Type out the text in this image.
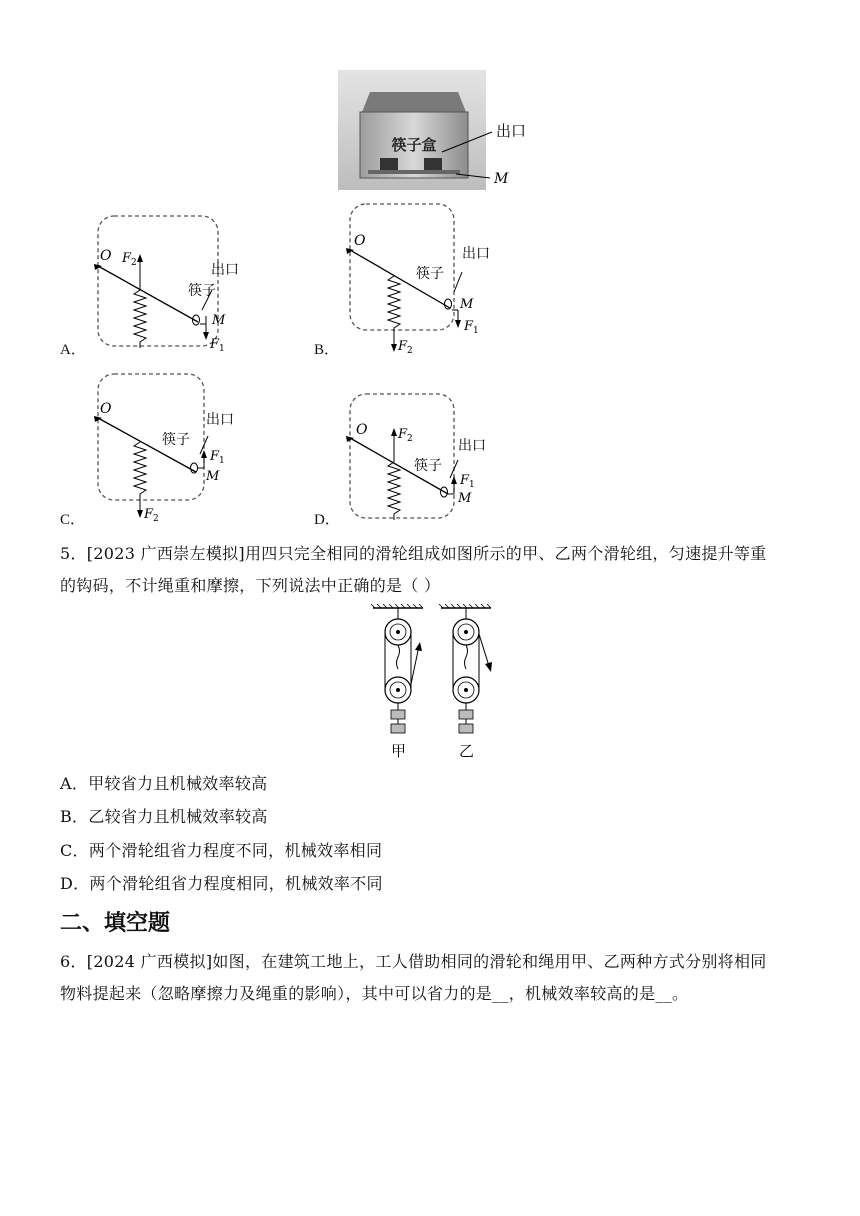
筷子盒
出口
M
A．
O F 2	出口
筷子
M
F 1	B．
O
F 2
出口
筷子
M
F 1
C．
O
F 2
出口
筷子
F 1
M
D．
O F 2	出口
筷子
F 1
M
5．[2023 广西崇左模拟]用四只完全相同的滑轮组成如图所示的甲、乙两个滑轮组，匀速提升等重
的钩码，不计绳重和摩擦，下列说法中正确的是（ ）
甲	乙
A．甲较省力且机械效率较高
B．乙较省力且机械效率较高
C．两个滑轮组省力程度不同，机械效率相同
D．两个滑轮组省力程度相同，机械效率不同
二、填空题
6．[2024 广西模拟]如图，在建筑工地上，工人借助相同的滑轮和绳用甲、乙两种方式分别将相同
物料提起来（忽略摩擦力及绳重的影响），其中可以省力的是__，机械效率较高的是__。
